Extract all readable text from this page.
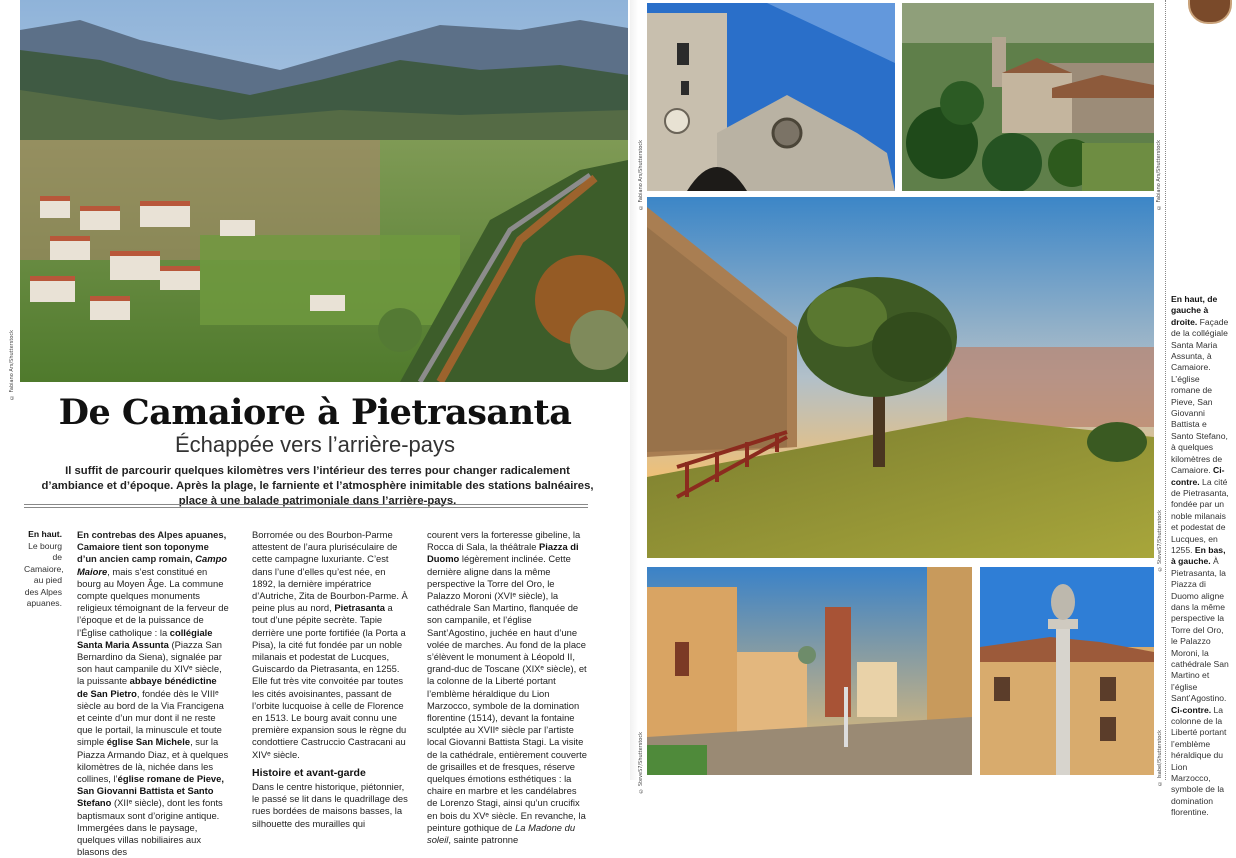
© Fabiano Ars/Shutterstock
De Camaiore à Pietrasanta
Échappée vers l’arrière-pays
Il suffit de parcourir quelques kilomètres vers l’intérieur des terres pour changer radicalement d’ambiance et d’époque. Après la plage, le farniente et l’atmosphère inimitable des stations balnéaires, place à une balade patrimoniale dans l’arrière-pays.
En haut. Le bourg de Camaiore, au pied des Alpes apuanes.

En contrebas des Alpes apuanes, Camaiore tient son toponyme d’un ancien camp romain, Campo Maiore, mais s’est constitué en bourg au Moyen Âge. La commune compte quelques monuments religieux témoignant de la ferveur de l’époque et de la puissance de l’Église catholique : la collégiale Santa Maria Assunta (Piazza San Bernardino da Siena), signalée par son haut campanile du XIVᵉ siècle, la puissante abbaye bénédictine de San Pietro, fondée dès le VIIIᵉ siècle au bord de la Via Francigena et ceinte d’un mur dont il ne reste que le portail, la minuscule et toute simple église San Michele, sur la Piazza Armando Diaz, et à quelques kilomètres de là, nichée dans les collines, l’église romane de Pieve, San Giovanni Battista et Santo Stefano (XIIᵉ siècle), dont les fonts baptismaux sont d’origine antique. Immergées dans le paysage, quelques villas nobiliaires aux blasons des

Borromée ou des Bourbon-Parme attestent de l’aura pluriséculaire de cette campagne luxuriante. C’est dans l’une d’elles qu’est née, en 1892, la dernière impératrice d’Autriche, Zita de Bourbon-Parme. À peine plus au nord, Pietrasanta a tout d’une pépite secrète. Tapie derrière une porte fortifiée (la Porta a Pisa), la cité fut fondée par un noble milanais et podestat de Lucques, Guiscardo da Pietrasanta, en 1255. Elle fut très vite convoitée par toutes les cités avoisinantes, passant de l’orbite lucquoise à celle de Florence en 1513. Le bourg avait connu une première expansion sous le règne du condottiere Castruccio Castracani au XIVᵉ siècle.

Histoire et avant-garde

Dans le centre historique, piétonnier, le passé se lit dans le quadrillage des rues bordées de maisons basses, la silhouette des murailles qui

courent vers la forteresse gibeline, la Rocca di Sala, la théâtrale Piazza di Duomo légèrement inclinée. Cette dernière aligne dans la même perspective la Torre del Oro, le Palazzo Moroni (XVIᵉ siècle), la cathédrale San Martino, flanquée de son campanile, et l’église Sant’Agostino, juchée en haut d’une volée de marches. Au fond de la place s’élèvent le monument à Léopold II, grand-duc de Toscane (XIXᵉ siècle), et la colonne de la Liberté portant l’emblème héraldique du Lion Marzocco, symbole de la domination florentine (1514), devant la fontaine sculptée au XVIIᵉ siècle par l’artiste local Giovanni Battista Stagi. La visite de la cathédrale, entièrement couverte de grisailles et de fresques, réserve quelques émotions esthétiques : la chaire en marbre et les candélabres de Lorenzo Stagi, ainsi qu’un crucifix en bois du XVᵉ siècle. En revanche, la peinture gothique de La Madone du soleil, sainte patronne

© Fabiano Ars/Shutterstock	© Fabiano Ars/Shutterstock
© SteveS7/Shutterstock
© SteveS7/Shutterstock	© Isabel/Shutterstock
En haut, de gauche à droite. Façade de la collégiale Santa Maria Assunta, à Camaiore. L’église romane de Pieve, San Giovanni Battista e Santo Stefano, à quelques kilomètres de Camaiore. Ci-contre. La cité de Pietrasanta, fondée par un noble milanais et podestat de Lucques, en 1255. En bas, à gauche. À Pietrasanta, la Piazza di Duomo aligne dans la même perspective la Torre del Oro, le Palazzo Moroni, la cathédrale San Martino et l’église Sant’Agostino. Ci-contre. La colonne de la Liberté portant l’emblème héraldique du Lion Marzocco, symbole de la domination florentine.
